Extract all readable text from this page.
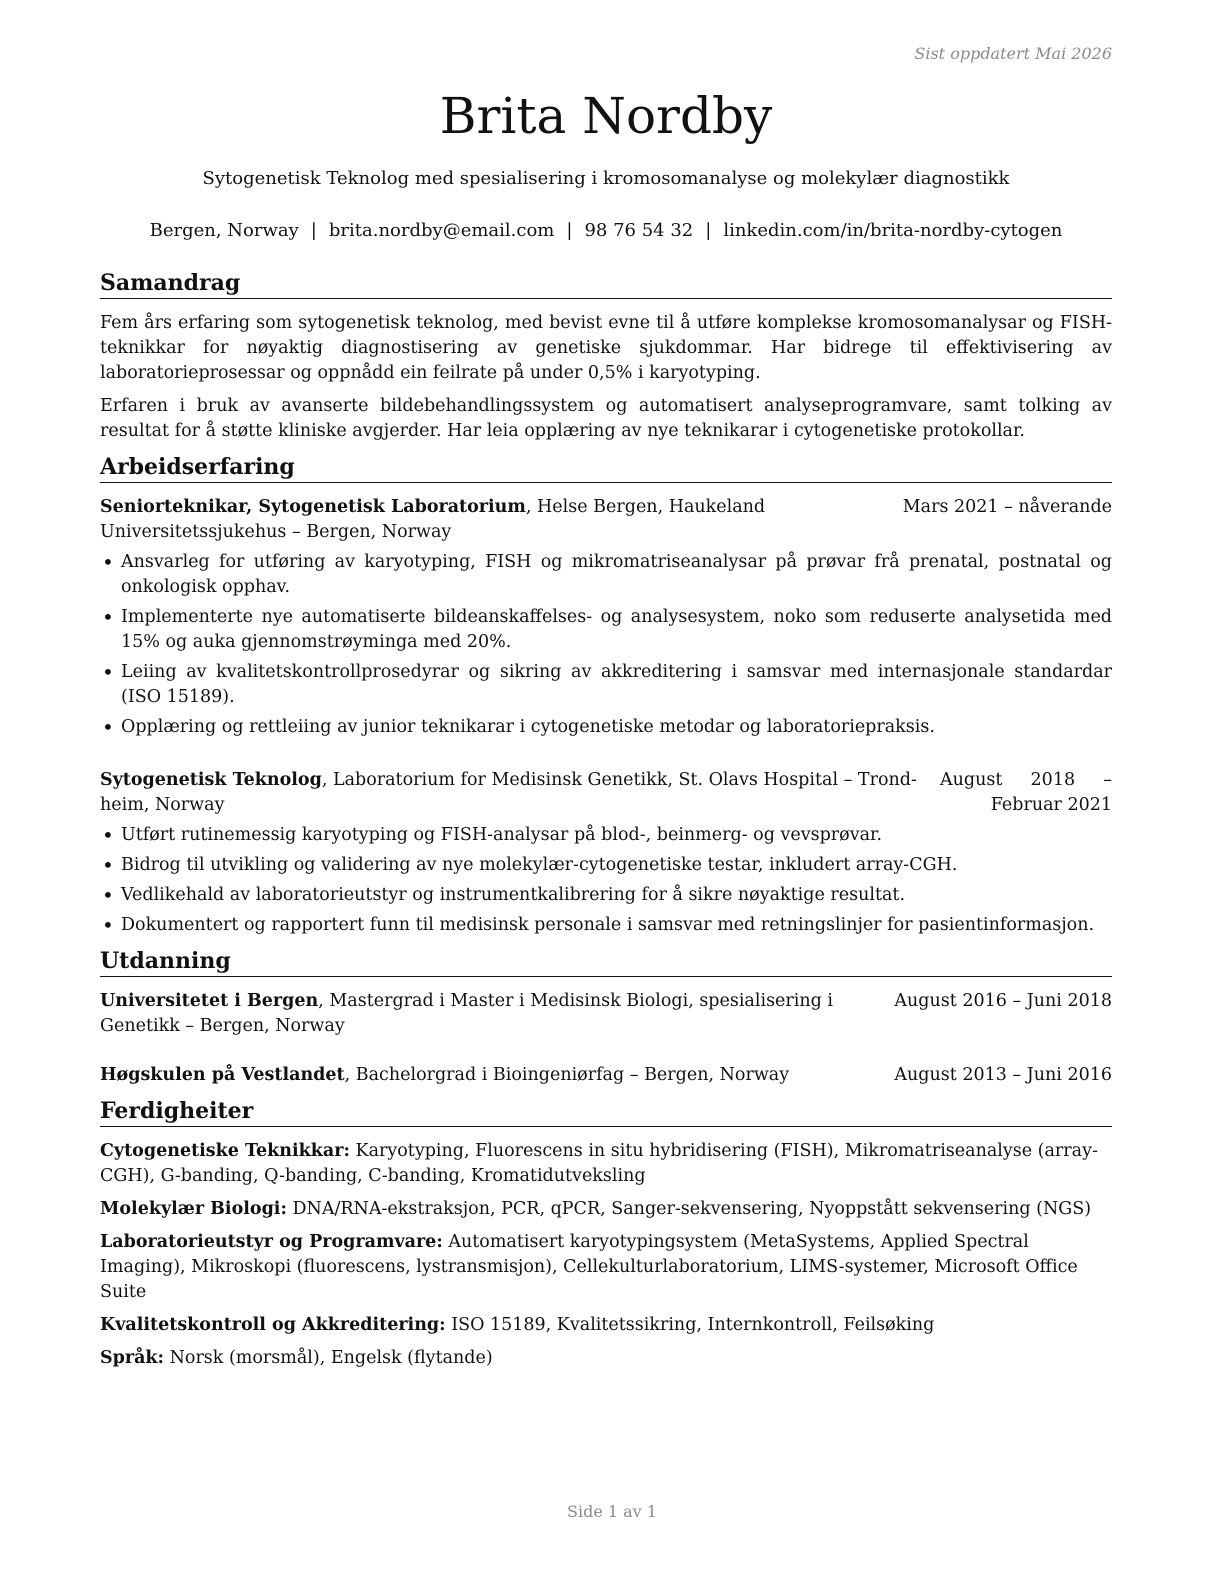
Sist oppdatert Mai 2026
Brita Nordby
Sytogenetisk Teknolog med spesialisering i kromosomanalyse og molekylær diagnostikk
Bergen, Norway | brita.nordby@email.com | 98 76 54 32 | linkedin.com/in/brita-nordby-cytogen
Samandrag

Fem års erfaring som sytogenetisk teknolog, med bevist evne til å utføre komplekse kromosomanalysar og FISH-teknikkar for nøyaktig diagnostisering av genetiske sjukdommar. Har bidrege til effektivisering av laboratorieprosessar og oppnådd ein feilrate på under 0,5% i karyotyping.

Erfaren i bruk av avanserte bildebehandlingssystem og automatisert analyseprogramvare, samt tolking av resultat for å støtte kliniske avgjerder. Har leia opplæring av nye teknikarar i cytogenetiske protokollar.

Arbeidserfaring
Seniorteknikar, Sytogenetisk Laboratorium, Helse Bergen, Haukeland Universitetssjukehus – Bergen, Norway
Mars 2021 – nåverande
• Ansvarleg for utføring av karyotyping, FISH og mikromatriseanalysar på prøvar frå prenatal, postnatal og onkologisk opphav.
• Implementerte nye automatiserte bildeanskaffelses- og analysesystem, noko som reduserte analysetida med 15% og auka gjennomstrøyminga med 20%.
• Leiing av kvalitetskontrollprosedyrar og sikring av akkreditering i samsvar med internasjonale standardar (ISO 15189).
• Opplæring og rettleiing av junior teknikarar i cytogenetiske metodar og laboratoriepraksis.
Sytogenetisk Teknolog, Laboratorium for Medisinsk Genetikk, St. Olavs Hospital – Trondheim, Norway
August 2018 – Februar 2021
• Utført rutinemessig karyotyping og FISH-analysar på blod-, beinmerg- og vevsprøvar.
• Bidrog til utvikling og validering av nye molekylær-cytogenetiske testar, inkludert array-CGH.
• Vedlikehald av laboratorieutstyr og instrumentkalibrering for å sikre nøyaktige resultat.
• Dokumentert og rapportert funn til medisinsk personale i samsvar med retningslinjer for pasientinformasjon.
Utdanning
Universitetet i Bergen, Mastergrad i Master i Medisinsk Biologi, spesialisering i Genetikk – Bergen, Norway
August 2016 – Juni 2018
Høgskulen på Vestlandet, Bachelorgrad i Bioingeniørfag – Bergen, Norway	August 2013 – Juni 2016
Ferdigheiter
Cytogenetiske Teknikkar: Karyotyping, Fluorescens in situ hybridisering (FISH), Mikromatriseanalyse (array-CGH), G-banding, Q-banding, C-banding, Kromatidutveksling
Molekylær Biologi: DNA/RNA-ekstraksjon, PCR, qPCR, Sanger-sekvensering, Nyoppstått sekvensering (NGS)
Laboratorieutstyr og Programvare: Automatisert karyotypingsystem (MetaSystems, Applied Spectral Imaging), Mikroskopi (fluorescens, lystransmisjon), Cellekulturlaboratorium, LIMS-systemer, Microsoft Office Suite
Kvalitetskontroll og Akkreditering: ISO 15189, Kvalitetssikring, Internkontroll, Feilsøking
Språk: Norsk (morsmål), Engelsk (flytande)
Side 1 av 1
